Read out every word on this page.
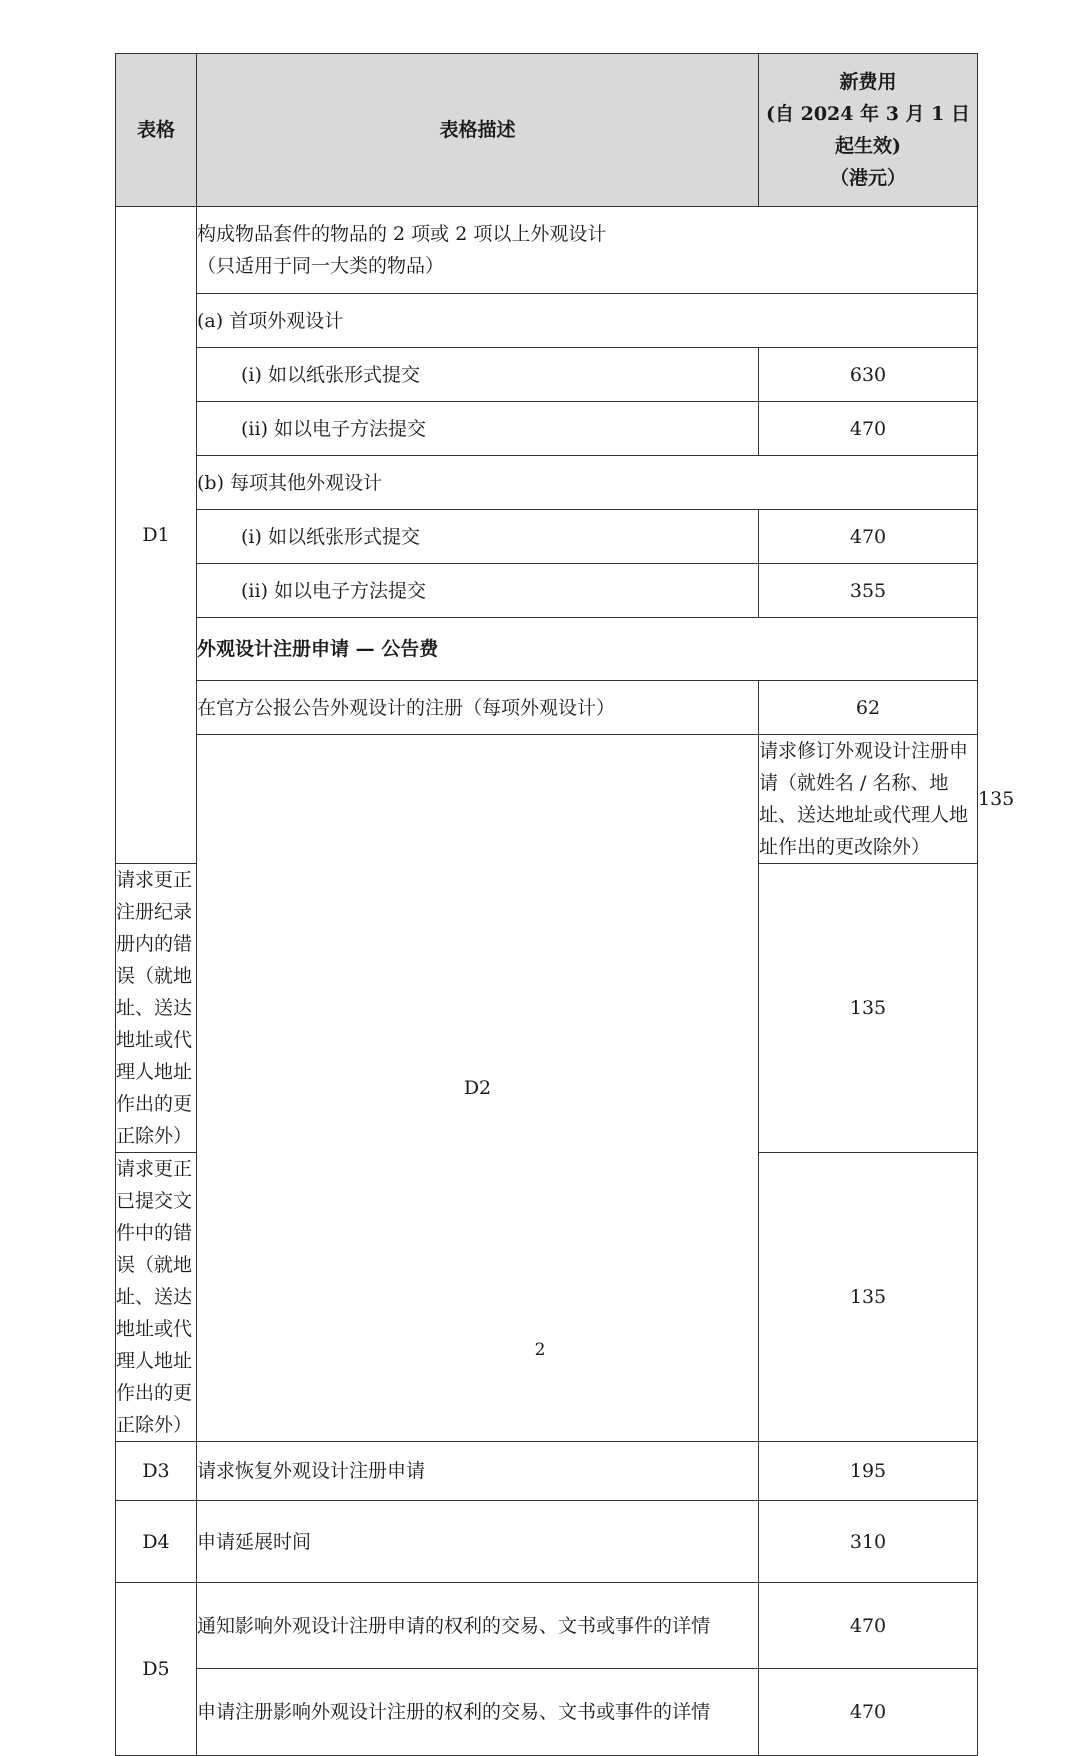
表格	表格描述	新费用
(自 2024 年 3 月 1 日
起生效)
（港元）	

D1	构成物品套件的物品的 2 项或 2 项以上外观设计
（只适用于同一大类的物品）		

	(a) 首项外观设计		
	(i) 如以纸张形式提交	630	
	(ii) 如以电子方法提交	470	
	(b) 每项其他外观设计		
	(i) 如以纸张形式提交	470	
	(ii) 如以电子方法提交	355	
	外观设计注册申请 — 公告费		
	在官方公报公告外观设计的注册（每项外观设计）	62	
	D2	请求修订外观设计注册申请（就姓名 / 名称、地址、送达地址或代理人地址作出的更改除外）	135
请求更正注册纪录册内的错误（就地址、送达地址或代理人地址作出的更正除外）		135	
请求更正已提交文件中的错误（就地址、送达地址或代理人地址作出的更正除外）		135	
D3	请求恢复外观设计注册申请	195	
D4	申请延展时间	310	
D5	通知影响外观设计注册申请的权利的交易、文书或事件的详情	470	
	申请注册影响外观设计注册的权利的交易、文书或事件的详情	470	
2
